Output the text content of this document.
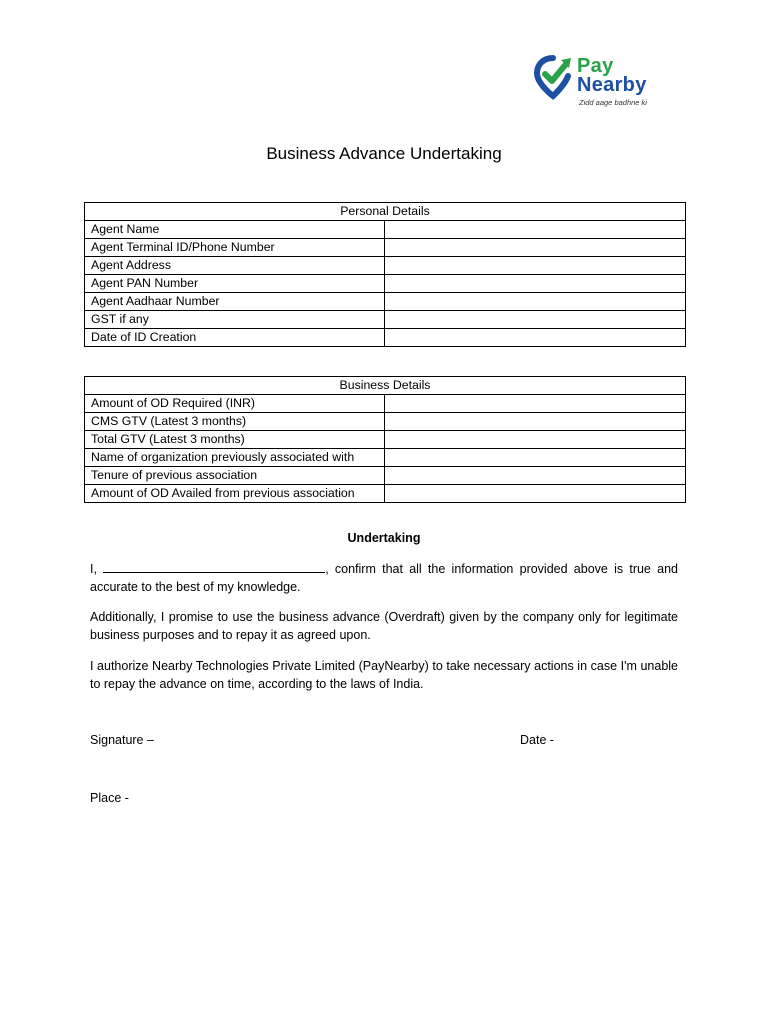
Pay
Nearby
Zidd aage badhne ki
Business Advance Undertaking
Personal Details	
Agent Name	
Agent Terminal ID/Phone Number	
Agent Address	
Agent PAN Number	
Agent Aadhaar Number	
GST if any	
Date of ID Creation	
Business Details	
Amount of OD Required (INR)	
CMS GTV (Latest 3 months)	
Total GTV (Latest 3 months)	
Name of organization previously associated with	
Tenure of previous association	
Amount of OD Availed from previous association	
Undertaking
I,	, confirm that all the information provided above is true and accurate to the best of my knowledge.
Additionally, I promise to use the business advance (Overdraft) given by the company only for legitimate business purposes and to repay it as agreed upon.
I authorize Nearby Technologies Private Limited (PayNearby) to take necessary actions in case I'm unable to repay the advance on time, according to the laws of India.
Signature –	Date -
Place -
